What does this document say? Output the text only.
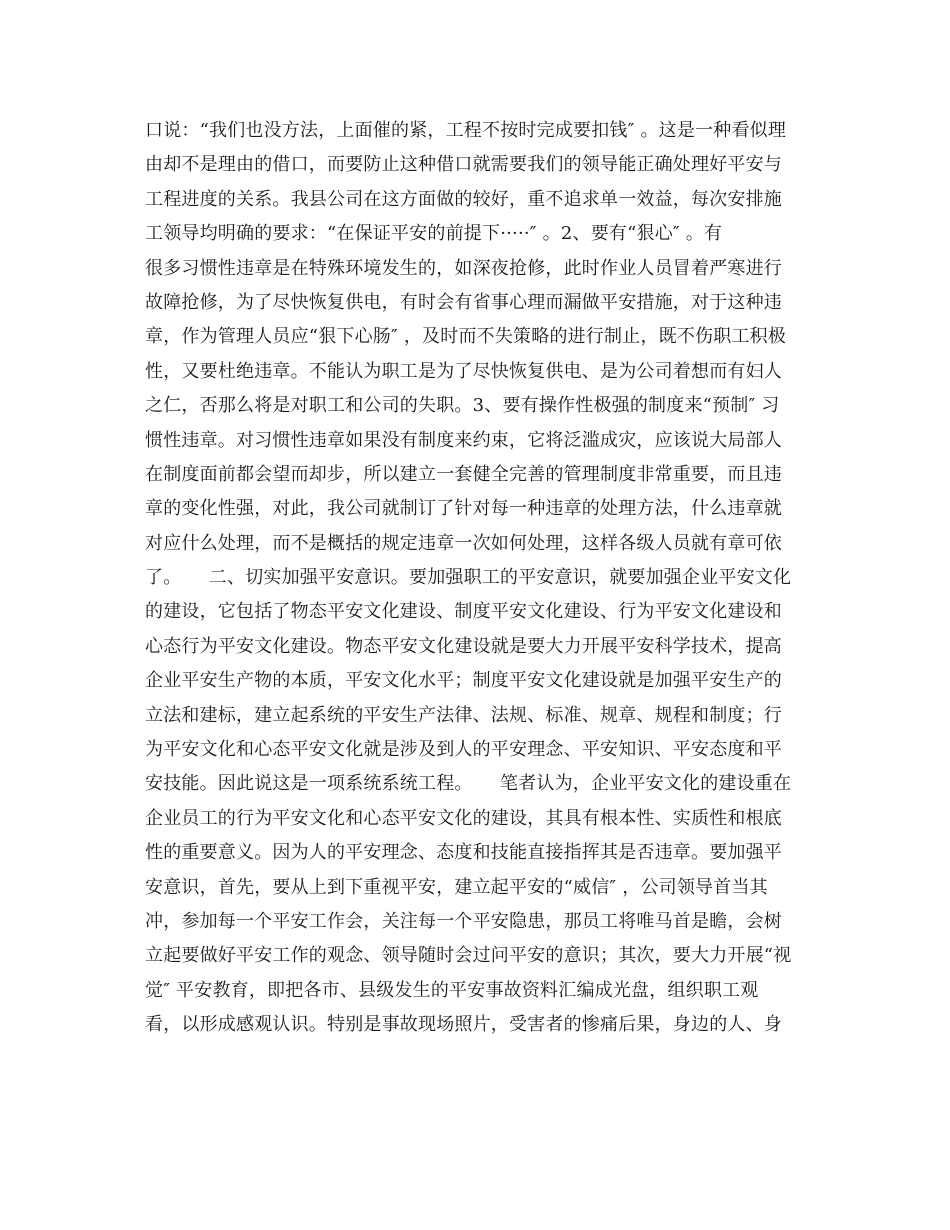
口说：“我们也没方法，上面催的紧，工程不按时完成要扣钱″ 。这是一种看似理
由却不是理由的借口，而要防止这种借口就需要我们的领导能正确处理好平安与
工程进度的关系。我县公司在这方面做的较好，重不追求单一效益，每次安排施
工领导均明确的要求：“在保证平安的前提下·····″ 。2、要有“狠心″ 。有
很多习惯性违章是在特殊环境发生的，如深夜抢修，此时作业人员冒着严寒进行
故障抢修，为了尽快恢复供电，有时会有省事心理而漏做平安措施，对于这种违
章，作为管理人员应“狠下心肠″ ，及时而不失策略的进行制止，既不伤职工积极
性，又要杜绝违章。不能认为职工是为了尽快恢复供电、是为公司着想而有妇人
之仁，否那么将是对职工和公司的失职。3、要有操作性极强的制度来“预制″ 习
惯性违章。对习惯性违章如果没有制度来约束，它将泛滥成灾，应该说大局部人
在制度面前都会望而却步，所以建立一套健全完善的管理制度非常重要，而且违
章的变化性强，对此，我公司就制订了针对每一种违章的处理方法，什么违章就
对应什么处理，而不是概括的规定违章一次如何处理，这样各级人员就有章可依
了。　　二、切实加强平安意识。要加强职工的平安意识，就要加强企业平安文化
的建设，它包括了物态平安文化建设、制度平安文化建设、行为平安文化建设和
心态行为平安文化建设。物态平安文化建设就是要大力开展平安科学技术，提高
企业平安生产物的本质，平安文化水平；制度平安文化建设就是加强平安生产的
立法和建标，建立起系统的平安生产法律、法规、标准、规章、规程和制度；行
为平安文化和心态平安文化就是涉及到人的平安理念、平安知识、平安态度和平
安技能。因此说这是一项系统系统工程。　　笔者认为，企业平安文化的建设重在
企业员工的行为平安文化和心态平安文化的建设，其具有根本性、实质性和根底
性的重要意义。因为人的平安理念、态度和技能直接指挥其是否违章。要加强平
安意识，首先，要从上到下重视平安，建立起平安的“威信″ ，公司领导首当其
冲，参加每一个平安工作会，关注每一个平安隐患，那员工将唯马首是瞻，会树
立起要做好平安工作的观念、领导随时会过问平安的意识；其次，要大力开展“视
觉″ 平安教育，即把各市、县级发生的平安事故资料汇编成光盘，组织职工观
看，以形成感观认识。特别是事故现场照片，受害者的惨痛后果，身边的人、身
